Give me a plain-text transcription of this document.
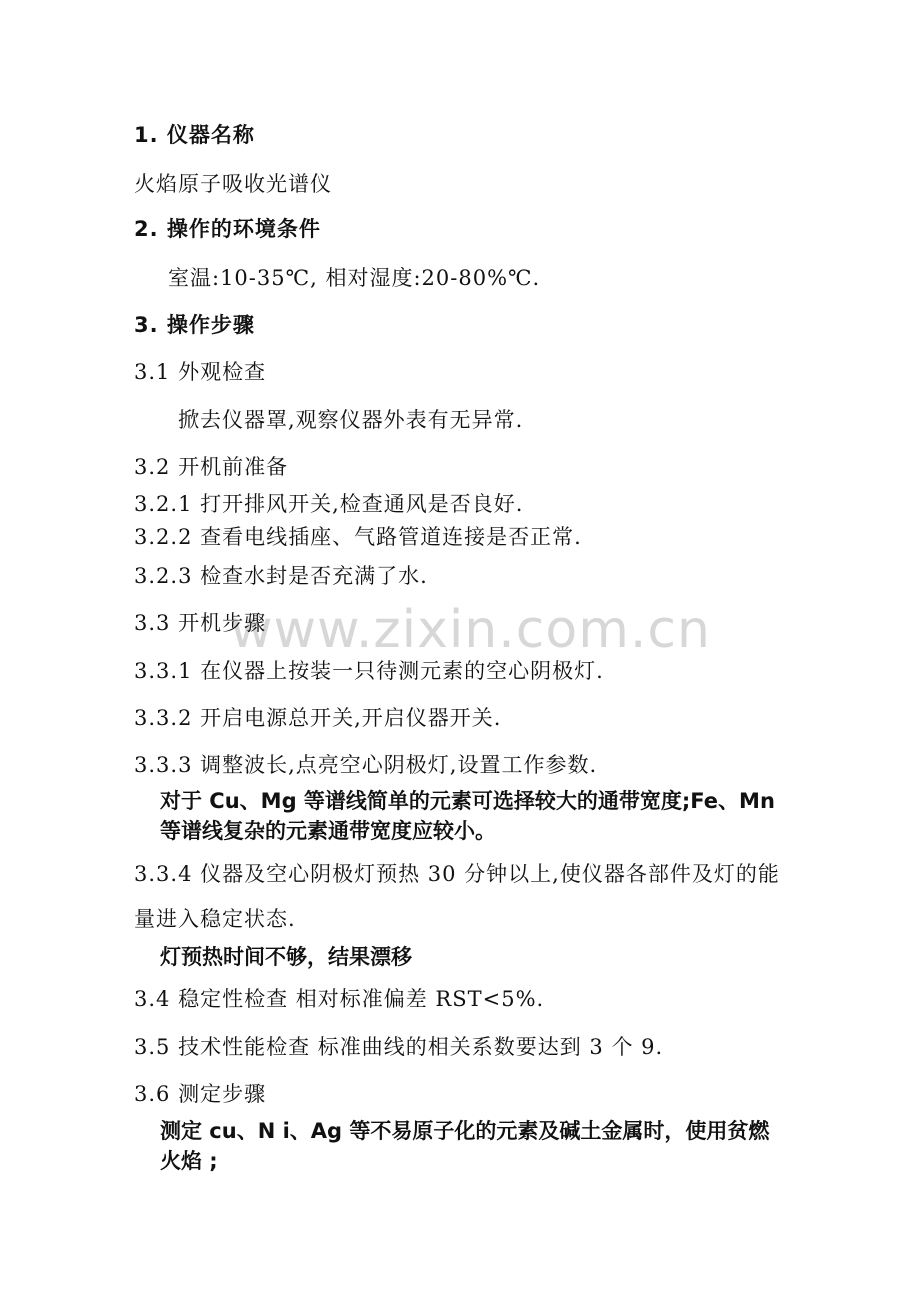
www.zixin.com.cn
1. 仪器名称
火焰原子吸收光谱仪
2. 操作的环境条件
室温:10-35℃, 相对湿度:20-80%℃.
3. 操作步骤
3.1 外观检查
掀去仪器罩,观察仪器外表有无异常.
3.2 开机前准备
3.2.1 打开排风开关,检查通风是否良好.
3.2.2 查看电线插座、气路管道连接是否正常.
3.2.3 检查水封是否充满了水.
3.3 开机步骤
3.3.1 在仪器上按装一只待测元素的空心阴极灯.
3.3.2 开启电源总开关,开启仪器开关.
3.3.3 调整波长,点亮空心阴极灯,设置工作参数.
对于 Cu、Mg 等谱线简单的元素可选择较大的通带宽度;Fe、Mn
等谱线复杂的元素通带宽度应较小。
3.3.4 仪器及空心阴极灯预热 30 分钟以上,使仪器各部件及灯的能
量进入稳定状态.
灯预热时间不够，结果漂移
3.4 稳定性检查 相对标准偏差 RST<5%.
3.5 技术性能检查 标准曲线的相关系数要达到 3 个 9.
3.6 测定步骤
测定 cu、N i、Ag 等不易原子化的元素及碱土金属时，使用贫燃
火焰 ;
